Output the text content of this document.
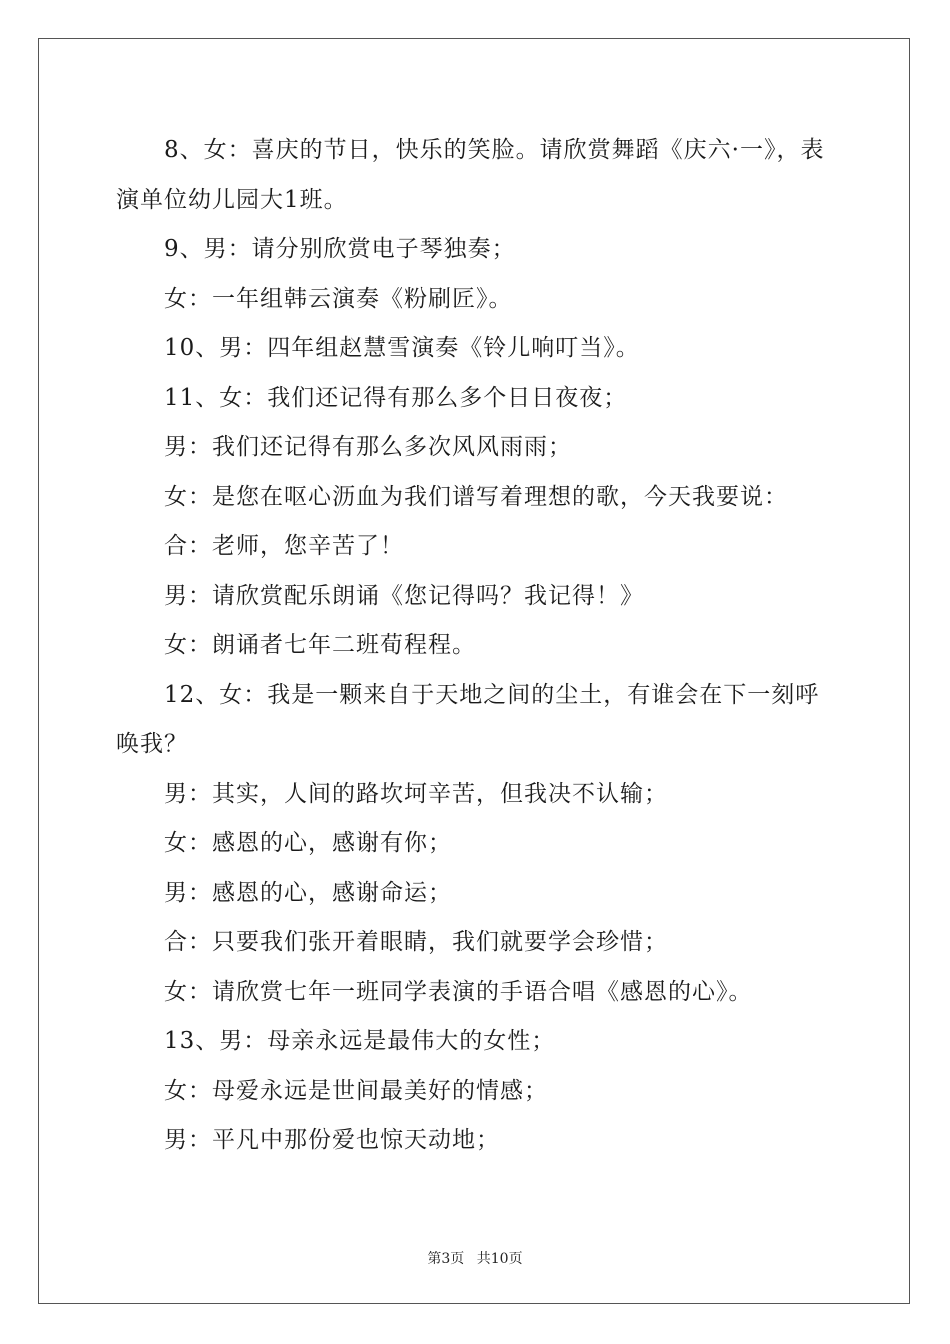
8、女：喜庆的节日，快乐的笑脸。请欣赏舞蹈《庆六·一》，表演单位幼儿园大1班。

9、男：请分别欣赏电子琴独奏；

女：一年组韩云演奏《粉刷匠》。

10、男：四年组赵慧雪演奏《铃儿响叮当》。

11、女：我们还记得有那么多个日日夜夜；

男：我们还记得有那么多次风风雨雨；

女：是您在呕心沥血为我们谱写着理想的歌，今天我要说：

合：老师，您辛苦了！

男：请欣赏配乐朗诵《您记得吗？我记得！》

女：朗诵者七年二班荀程程。

12、女：我是一颗来自于天地之间的尘土，有谁会在下一刻呼唤我？

男：其实，人间的路坎坷辛苦，但我决不认输；

女：感恩的心，感谢有你；

男：感恩的心，感谢命运；

合：只要我们张开着眼睛，我们就要学会珍惜；

女：请欣赏七年一班同学表演的手语合唱《感恩的心》。

13、男：母亲永远是最伟大的女性；

女：母爱永远是世间最美好的情感；

男：平凡中那份爱也惊天动地；

第3页 共10页
